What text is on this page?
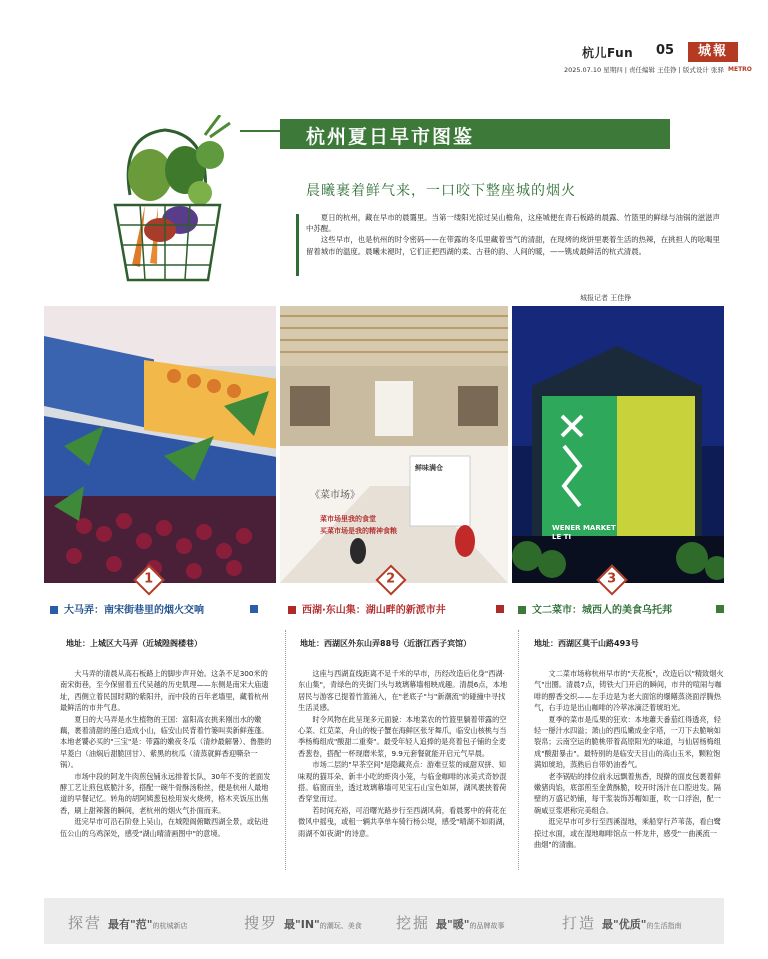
杭儿Fun 05	城報
2025.07.10 星期四 | 责任编辑 王佳铮 | 版式设计 张驿 METRO
杭州夏日早市图鉴
晨曦裹着鲜气来，一口咬下整座城的烟火

夏日的杭州，藏在早市的晨霭里。当第一缕阳光掠过吴山檐角，这座城便在青石板路的晨露、竹篮里的鲜绿与油锅的滋滋声中苏醒。

这些早市，也是杭州的时令密码——在带露的冬瓜里藏着雪气的清甜，在现烤的烧饼里裹着生活的热辣，在挑担人的吆喝里留着城市的温度。晨曦未褪时，它们正把西湖的柔、古巷的韵、人间的暖，——镌成最鲜活的杭式清晨。

城报记者 王佳铮
《菜市场》
鲜味满仓
菜市场里我的食堂
买菜市场是我的精神食粮	WENER MARKET LE TI
1	2	3
大马弄：南宋街巷里的烟火交响	西湖·东山集：湖山畔的新派市井	文二菜市：城西人的美食乌托邦
地址：上城区大马弄（近城隍阁楼巷）	地址：西湖区外东山弄88号（近浙江西子宾馆）	地址：西湖区莫干山路493号

大马弄的清晨从高石板路上的脚步声开始。这条不足300米的南宋街巷，至今保留着五代吴越的历史肌理——东侧是南宋大庙遗址，西侧立着民国时期的紫阳井，而中段的百年老墙里，藏着杭州最鲜活的市井气息。

夏日的大马弄是水生植物的王国：富阳高农挑来刚出水的嫩藕，裹着清甜的莲白造成小山，临安山民背着竹篓叫卖新鲜莲蓬。本地老饕必买的"三宝"是：带露的嫩夜冬瓜（清炒最解暑）、鲁塍的早菱白（油焖后甜脆回甘）、紫黑的杭瓜（清蒸就鲜香迎嘶杂一锅）。

市场中段的阿龙牛肉煎包铺永远排着长队，30年不变的老面发酵工艺让煎包底脆汁多，搭配一碗牛骨酥汤粉丝，便是杭州人最地道的早餐记忆。转角的胡阿姨葱包桧用炭火烧烤，格木夹饭压出焦香，刷上甜辣酱的瞬间，老杭州的烟火气扑面而来。

逛完早市可沿石阶登上吴山，在城隍阁俯瞰西湖全景，或钻进伍公山的乌鸡深处，感受"湖山晴清画图中"的意境。

这座与西湖直线距离不足千米的早市，历经改造后化身"西湖·东山集"，青绿色的夹街门头与玻璃幕墙相映成趣。清晨6点，本地居民与游客已提着竹篮涌入，在"老底子"与"新潮流"的碰撞中寻找生活灵感。

时令风物在此呈现多元面貌：本地菜农的竹篮里躺着带露的空心菜、红苋菜，舟山的梭子蟹在海鲜区张牙舞爪，临安山核桃与当季杨梅组成"酸甜二重奏"。最受年轻人追捧的是亮着包子铺的全麦香葱卷，搭配一杯现磨米浆，9.9元套餐就能开启元气早晨。

市场二层的"早茶空间"是隐藏亮点：游难豆浆的咸甜双拼、知味观的猫耳朵、新丰小吃的虾肉小笼，与临金咖啡的冰美式奇妙混搭。临窗而坐，透过玻璃幕墙可见宝石山宝色如屏，湖风裹挟着荷香穿堂而过。

若时间充裕，可沿曙光路步行至西湖风荷，看晨雾中的荷花在微风中摇曳，或租一辆共享单车骑行杨公堤，感受"晴湖不如雨湖，雨湖不如夜湖"的诗意。

文二菜市场称杭州早市的"天花板"，改造后以"精致烟火气"出圈。清晨7点，铸铁大门开启的瞬间，市井的喧闹与咖啡的醇香交织——左手边是为老大面馆的爆鳝蒸浇面浮腾热气，右手边是出山咖啡的冷萃冰滴泛着琥珀光。

夏季的菜市是瓜果的狂欢：本地蕭天番茄红得透亮，轻轻一掰汁水四溢；萧山的西瓜嫩成金字塔，一刀下去脆响如裂帛；云南空运的脆桃带着高原阳光的味道，与仙居杨梅组成"酸甜暴击"。最特别的是临安天目山的高山玉米，颗粒饱满如琥珀，蒸熟后自带奶油香气。

老李锅贴的排位前永远飘着焦香，现擀的面皮包裹着鲜嫩猪肉馅，底部煎至金黄酥脆，咬开时汤汁在口腔迸发。隔壁的万盛记奶铺，每干浆装饰苏帽如蛋，吹一口浮泡，配一碗咸豆浆堪称完美组合。

逛完早市可步行至西溪湿地，乘船穿行芦苇荡，看白鹭掠过水面，或在湿地咖啡馆点一杯龙井，感受"一曲溪流一曲烟"的清幽。

探营 最有"范"的杭城新店	搜罗 最"IN"的潮玩、美食 挖掘 最"暖"的品牌故事	打造 最"优质"的生活指南
